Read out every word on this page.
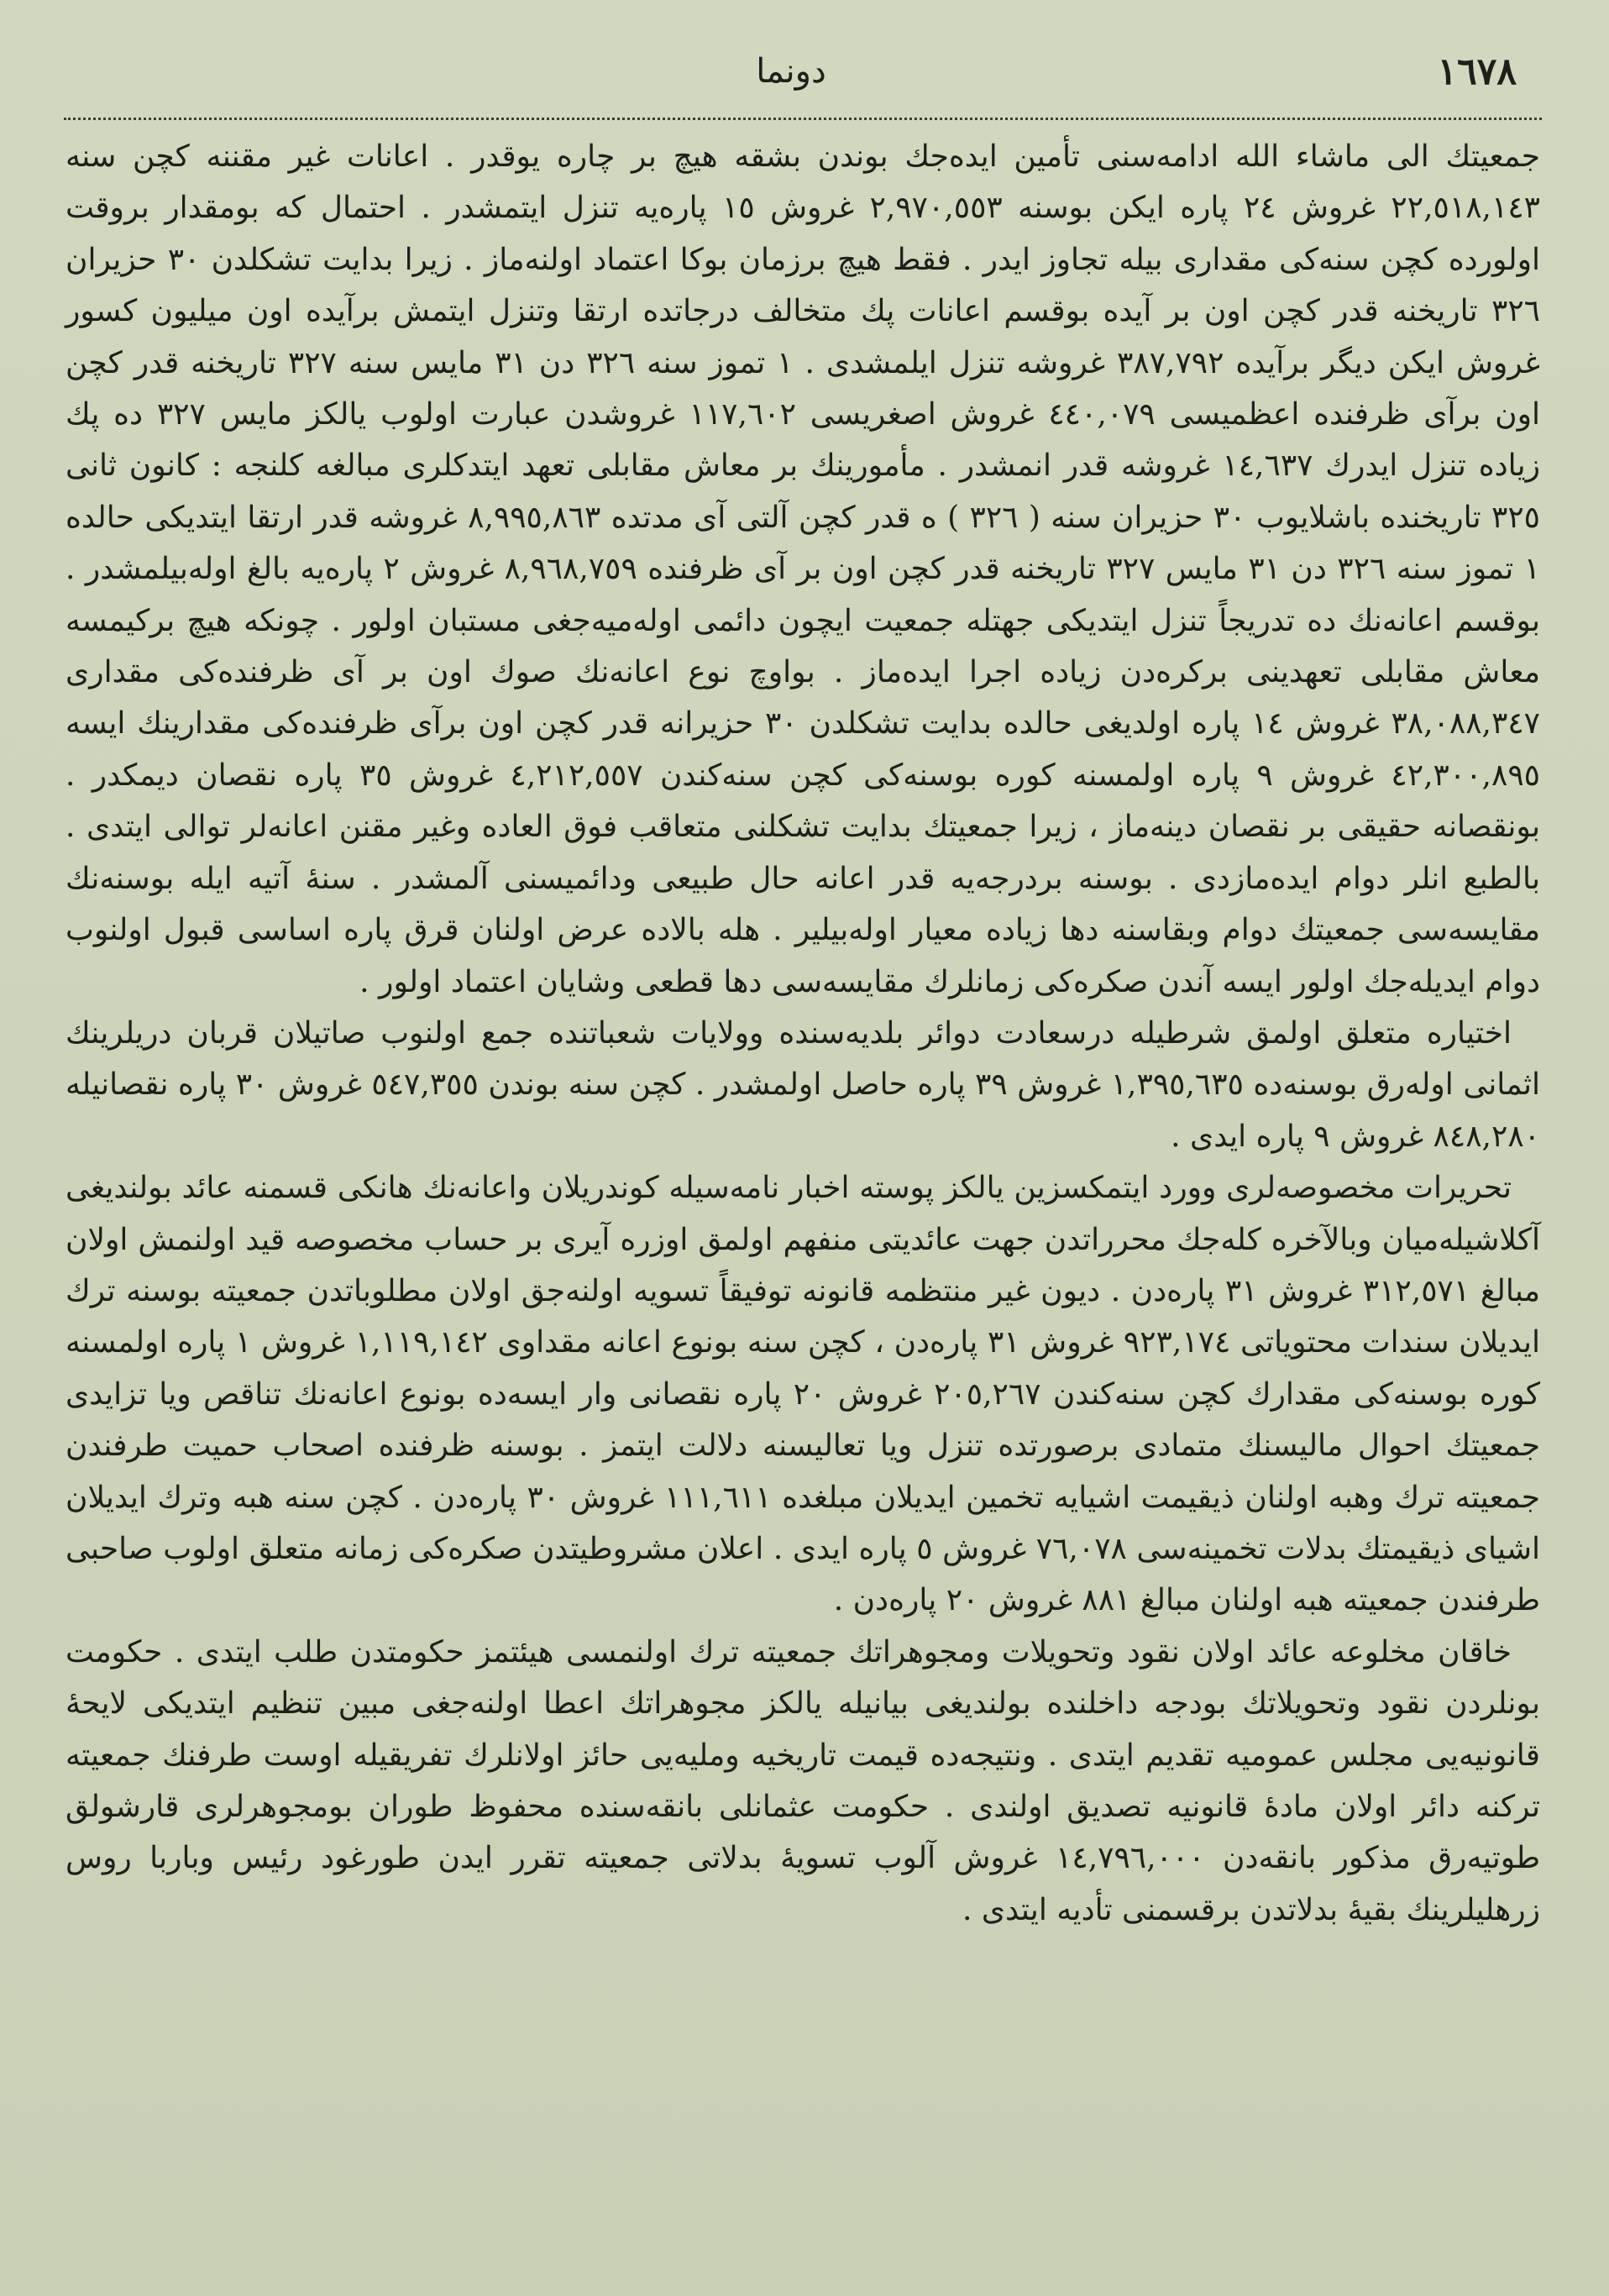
١٦٧٨
دونما

جمعيتك الى ماشاء الله ادامه‌سنى تأمين ايده‌جك بوندن بشقه هيچ بر چاره يوقدر . اعانات غير مقننه كچن سنه ٢٢,٥١٨,١٤٣ غروش ٢٤ پاره ايكن بوسنه ٢,٩٧٠,٥٥٣ غروش ١٥ پاره‌يه تنزل ايتمشدر . احتمال كه بومقدار بروقت اولورده كچن سنه‌كى مقدارى بيله تجاوز ايدر . فقط هيچ برزمان بوكا اعتماد اولنه‌ماز . زيرا بدايت تشكلدن ٣٠ حزيران ٣٢٦ تاريخنه قدر كچن اون بر آيده بوقسم اعانات پك متخالف درجاتده ارتقا وتنزل ايتمش برآيده اون ميليون كسور غروش ايكن ديگر برآيده ٣٨٧,٧٩٢ غروشه تنزل ايلمشدى . ١ تموز سنه ٣٢٦ دن ٣١ مايس سنه ٣٢٧ تاريخنه قدر كچن اون برآى ظرفنده اعظميسى ٤٤٠,٠٧٩ غروش اصغريسى ١١٧,٦٠٢ غروشدن عبارت اولوب يالكز مايس ٣٢٧ ده پك زياده تنزل ايدرك ١٤,٦٣٧ غروشه قدر انمشدر . مأمورينك بر معاش مقابلى تعهد ايتدكلرى مبالغه كلنجه : كانون ثانى ٣٢٥ تاريخنده باشلايوب ٣٠ حزيران سنه ( ٣٢٦ ) ه قدر كچن آلتى آى مدتده ٨,٩٩٥,٨٦٣ غروشه قدر ارتقا ايتديكى حالده ١ تموز سنه ٣٢٦ دن ٣١ مايس ٣٢٧ تاريخنه قدر كچن اون بر آى ظرفنده ٨,٩٦٨,٧٥٩ غروش ٢ پاره‌يه بالغ اوله‌بيلمشدر . بوقسم اعانه‌نك ده تدريجاً تنزل ايتديكى جهتله جمعيت ايچون دائمى اوله‌ميه‌جغى مستبان اولور . چونكه هيچ بركيمسه معاش مقابلى تعهدينى بركره‌دن زياده اجرا ايده‌ماز . بواوچ نوع اعانه‌نك صوك اون بر آى ظرفنده‌كى مقدارى ٣٨,٠٨٨,٣٤٧ غروش ١٤ پاره اولديغى حالده بدايت تشكلدن ٣٠ حزيرانه قدر كچن اون برآى ظرفنده‌كى مقدارينك ايسه ٤٢,٣٠٠,٨٩٥ غروش ٩ پاره اولمسنه كوره بوسنه‌كى كچن سنه‌كندن ٤,٢١٢,٥٥٧ غروش ٣٥ پاره نقصان ديمكدر . بونقصانه حقيقى بر نقصان دينه‌ماز ، زيرا جمعيتك بدايت تشكلنى متعاقب فوق العاده وغير مقنن اعانه‌لر توالى ايتدى . بالطبع انلر دوام ايده‌مازدى . بوسنه بردرجه‌يه قدر اعانه حال طبيعى ودائميسنى آلمشدر . سنهٔ آتيه ايله بوسنه‌نك مقايسه‌سى جمعيتك دوام وبقاسنه دها زياده معيار اوله‌بيلير . هله بالاده عرض اولنان قرق پاره اساسى قبول اولنوب دوام ايديله‌جك اولور ايسه آندن صكره‌كى زمانلرك مقايسه‌سى دها قطعى وشايان اعتماد اولور .

اختياره متعلق اولمق شرطيله درسعادت دوائر بلديه‌سنده وولايات شعباتنده جمع اولنوب صاتيلان قربان دريلرينك اثمانى اوله‌رق بوسنه‌ده ١,٣٩٥,٦٣٥ غروش ٣٩ پاره حاصل اولمشدر . كچن سنه بوندن ٥٤٧,٣٥٥ غروش ٣٠ پاره نقصانيله ٨٤٨,٢٨٠ غروش ٩ پاره ايدى .

تحريرات مخصوصه‌لرى وورد ايتمكسزين يالكز پوسته اخبار نامه‌سيله كوندريلان واعانه‌نك هانكى قسمنه عائد بولنديغى آكلاشيله‌ميان وبالآخره كله‌جك محرراتدن جهت عائديتى منفهم اولمق اوزره آيرى بر حساب مخصوصه قيد اولنمش اولان مبالغ ٣١٢,٥٧١ غروش ٣١ پاره‌دن . ديون غير منتظمه قانونه توفيقاً تسويه اولنه‌جق اولان مطلوباتدن جمعيته بوسنه ترك ايديلان سندات محتوياتى ٩٢٣,١٧٤ غروش ٣١ پاره‌دن ، كچن سنه بونوع اعانه مقداوى ١,١١٩,١٤٢ غروش ١ پاره اولمسنه كوره بوسنه‌كى مقدارك كچن سنه‌كندن ٢٠٥,٢٦٧ غروش ٢٠ پاره نقصانى وار ايسه‌ده بونوع اعانه‌نك تناقص ويا تزايدى جمعيتك احوال ماليسنك متمادى برصورتده تنزل ويا تعاليسنه دلالت ايتمز . بوسنه ظرفنده اصحاب حميت طرفندن جمعيته ترك وهبه اولنان ذيقيمت اشيايه تخمين ايديلان مبلغده ١١١,٦١١ غروش ٣٠ پاره‌دن . كچن سنه هبه وترك ايديلان اشياى ذيقيمتك بدلات تخمينه‌سى ٧٦,٠٧٨ غروش ٥ پاره ايدى . اعلان مشروطيتدن صكره‌كى زمانه متعلق اولوب صاحبى طرفندن جمعيته هبه اولنان مبالغ ٨٨١ غروش ٢٠ پاره‌دن .

خاقان مخلوعه عائد اولان نقود وتحويلات ومجوهراتك جمعيته ترك اولنمسى هيئتمز حكومتدن طلب ايتدى . حكومت بونلردن نقود وتحويلاتك بودجه داخلنده بولنديغى بيانيله يالكز مجوهراتك اعطا اولنه‌جغى مبين تنظيم ايتديكى لايحهٔ قانونيه‌يى مجلس عموميه تقديم ايتدى . ونتيجه‌ده قيمت تاريخيه ومليه‌يى حائز اولانلرك تفريقيله اوست طرفنك جمعيته تركنه دائر اولان مادهٔ قانونيه تصديق اولندى . حكومت عثمانلى بانقه‌سنده محفوظ طوران بومجوهرلرى قارشولق طوتيه‌رق مذكور بانقه‌دن ١٤,٧٩٦,٠٠٠ غروش آلوب تسويهٔ بدلاتى جمعيته تقرر ايدن طورغود رئيس وباربا روس زرهليلرينك بقيهٔ بدلاتدن برقسمنى تأديه ايتدى .
